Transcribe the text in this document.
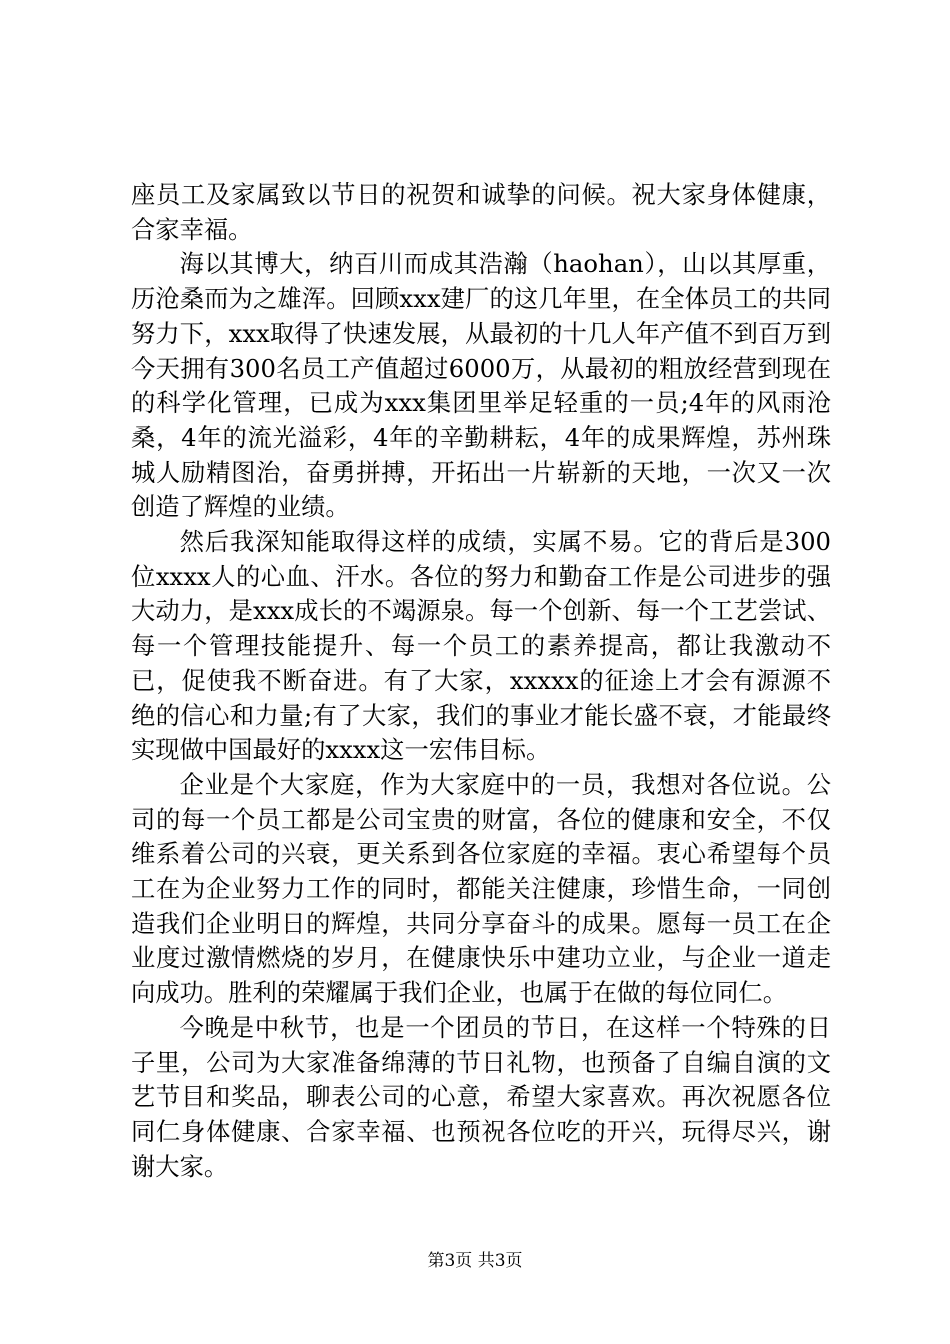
座员工及家属致以节日的祝贺和诚挚的问候。祝大家身体健康，合家幸福。

海以其博大，纳百川而成其浩瀚（haohan），山以其厚重，历沧桑而为之雄浑。回顾xxx建厂的这几年里，在全体员工的共同努力下，xxx取得了快速发展，从最初的十几人年产值不到百万到今天拥有300名员工产值超过6000万，从最初的粗放经营到现在的科学化管理，已成为xxx集团里举足轻重的一员;4年的风雨沧桑，4年的流光溢彩，4年的辛勤耕耘，4年的成果辉煌，苏州珠城人励精图治，奋勇拼搏，开拓出一片崭新的天地，一次又一次创造了辉煌的业绩。

然后我深知能取得这样的成绩，实属不易。它的背后是300位xxxx人的心血、汗水。各位的努力和勤奋工作是公司进步的强大动力，是xxx成长的不竭源泉。每一个创新、每一个工艺尝试、每一个管理技能提升、每一个员工的素养提高，都让我激动不已，促使我不断奋进。有了大家，xxxxx的征途上才会有源源不绝的信心和力量;有了大家，我们的事业才能长盛不衰，才能最终实现做中国最好的xxxx这一宏伟目标。

企业是个大家庭，作为大家庭中的一员，我想对各位说。公司的每一个员工都是公司宝贵的财富，各位的健康和安全，不仅维系着公司的兴衰，更关系到各位家庭的幸福。衷心希望每个员工在为企业努力工作的同时，都能关注健康，珍惜生命，一同创造我们企业明日的辉煌，共同分享奋斗的成果。愿每一员工在企业度过激情燃烧的岁月，在健康快乐中建功立业，与企业一道走向成功。胜利的荣耀属于我们企业，也属于在做的每位同仁。

今晚是中秋节，也是一个团员的节日，在这样一个特殊的日子里，公司为大家准备绵薄的节日礼物，也预备了自编自演的文艺节目和奖品，聊表公司的心意，希望大家喜欢。再次祝愿各位同仁身体健康、合家幸福、也预祝各位吃的开兴，玩得尽兴，谢谢大家。

第3页 共3页
